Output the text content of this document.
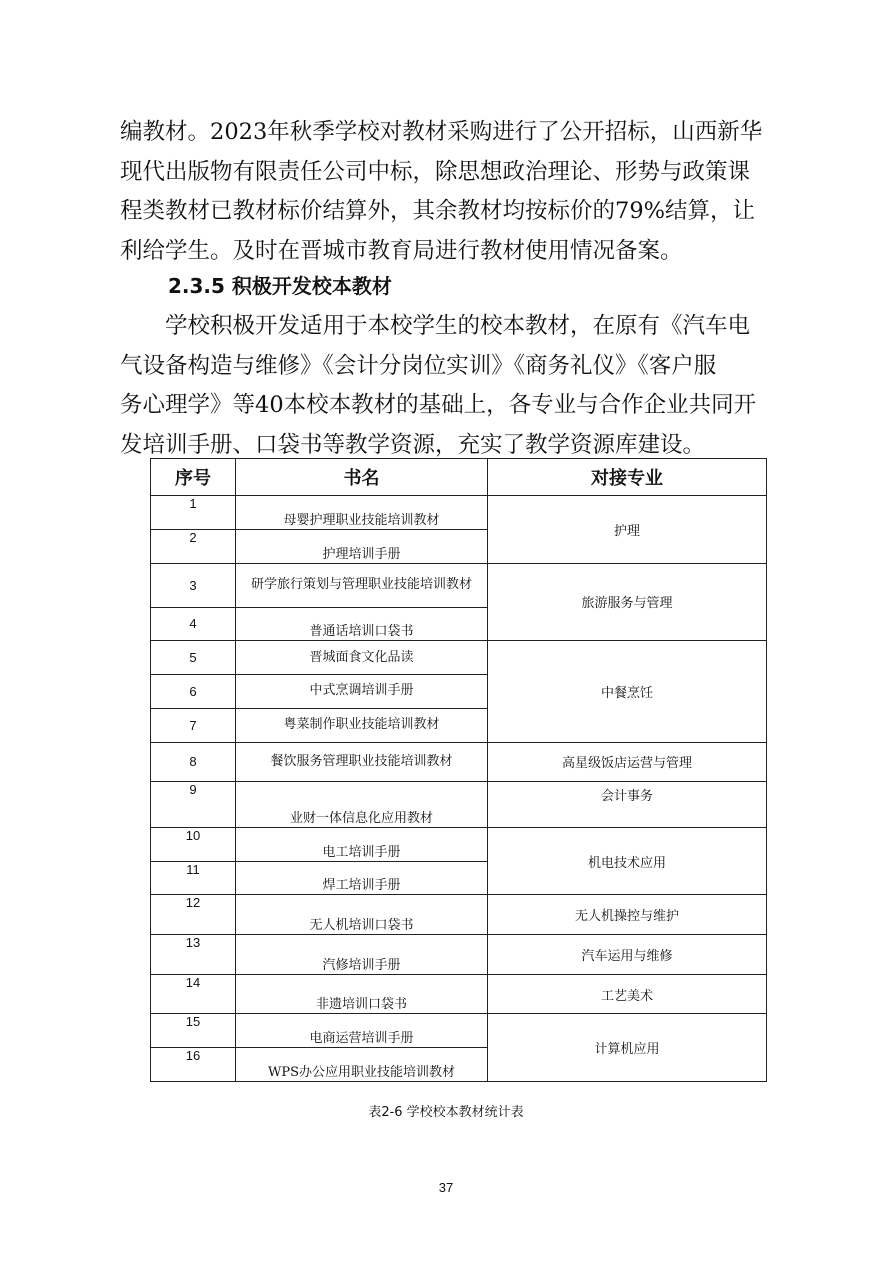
编教材。2023年秋季学校对教材采购进行了公开招标，山西新华

现代出版物有限责任公司中标，除思想政治理论、形势与政策课

程类教材已教材标价结算外，其余教材均按标价的79%结算，让

利给学生。及时在晋城市教育局进行教材使用情况备案。

2.3.5 积极开发校本教材

　　学校积极开发适用于本校学生的校本教材，在原有《汽车电

气设备构造与维修》《会计分岗位实训》《商务礼仪》《客户服

务心理学》等40本校本教材的基础上，各专业与合作企业共同开

发培训手册、口袋书等教学资源，充实了教学资源库建设。

序号	书名	对接专业
1	母婴护理职业技能培训教材	护理
2	护理培训手册	
3	研学旅行策划与管理职业技能培训教材	旅游服务与管理
4	普通话培训口袋书	
5	晋城面食文化品读	中餐烹饪
6	中式烹调培训手册	
7	粤菜制作职业技能培训教材	
8	餐饮服务管理职业技能培训教材	高星级饭店运营与管理
9	业财一体信息化应用教材	会计事务
10	电工培训手册	机电技术应用
11	焊工培训手册	
12	无人机培训口袋书	无人机操控与维护
13	汽修培训手册	汽车运用与维修
14	非遗培训口袋书	工艺美术
15	电商运营培训手册	计算机应用
16	WPS办公应用职业技能培训教材	
表2-6 学校校本教材统计表
37
